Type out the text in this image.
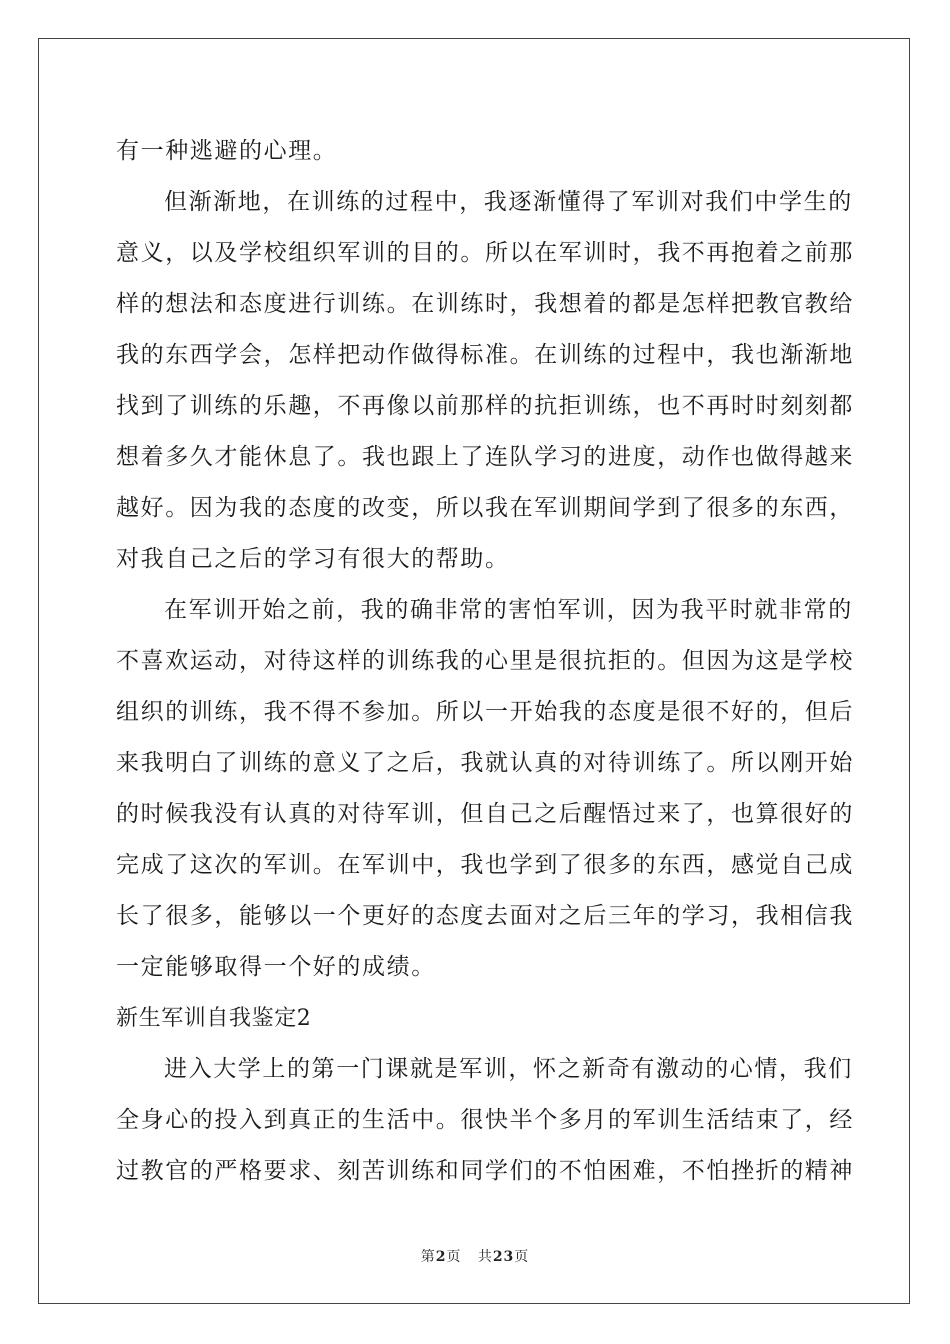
有一种逃避的心理。
但渐渐地，在训练的过程中，我逐渐懂得了军训对我们中学生的
意义，以及学校组织军训的目的。所以在军训时，我不再抱着之前那
样的想法和态度进行训练。在训练时，我想着的都是怎样把教官教给
我的东西学会，怎样把动作做得标准。在训练的过程中，我也渐渐地
找到了训练的乐趣，不再像以前那样的抗拒训练，也不再时时刻刻都
想着多久才能休息了。我也跟上了连队学习的进度，动作也做得越来
越好。因为我的态度的改变，所以我在军训期间学到了很多的东西，
对我自己之后的学习有很大的帮助。
在军训开始之前，我的确非常的害怕军训，因为我平时就非常的
不喜欢运动，对待这样的训练我的心里是很抗拒的。但因为这是学校
组织的训练，我不得不参加。所以一开始我的态度是很不好的，但后
来我明白了训练的意义了之后，我就认真的对待训练了。所以刚开始
的时候我没有认真的对待军训，但自己之后醒悟过来了，也算很好的
完成了这次的军训。在军训中，我也学到了很多的东西，感觉自己成
长了很多，能够以一个更好的态度去面对之后三年的学习，我相信我
一定能够取得一个好的成绩。
新生军训自我鉴定2
进入大学上的第一门课就是军训，怀之新奇有激动的心情，我们
全身心的投入到真正的生活中。很快半个多月的军训生活结束了，经
过教官的严格要求、刻苦训练和同学们的不怕困难，不怕挫折的精神
第2页 共23页
